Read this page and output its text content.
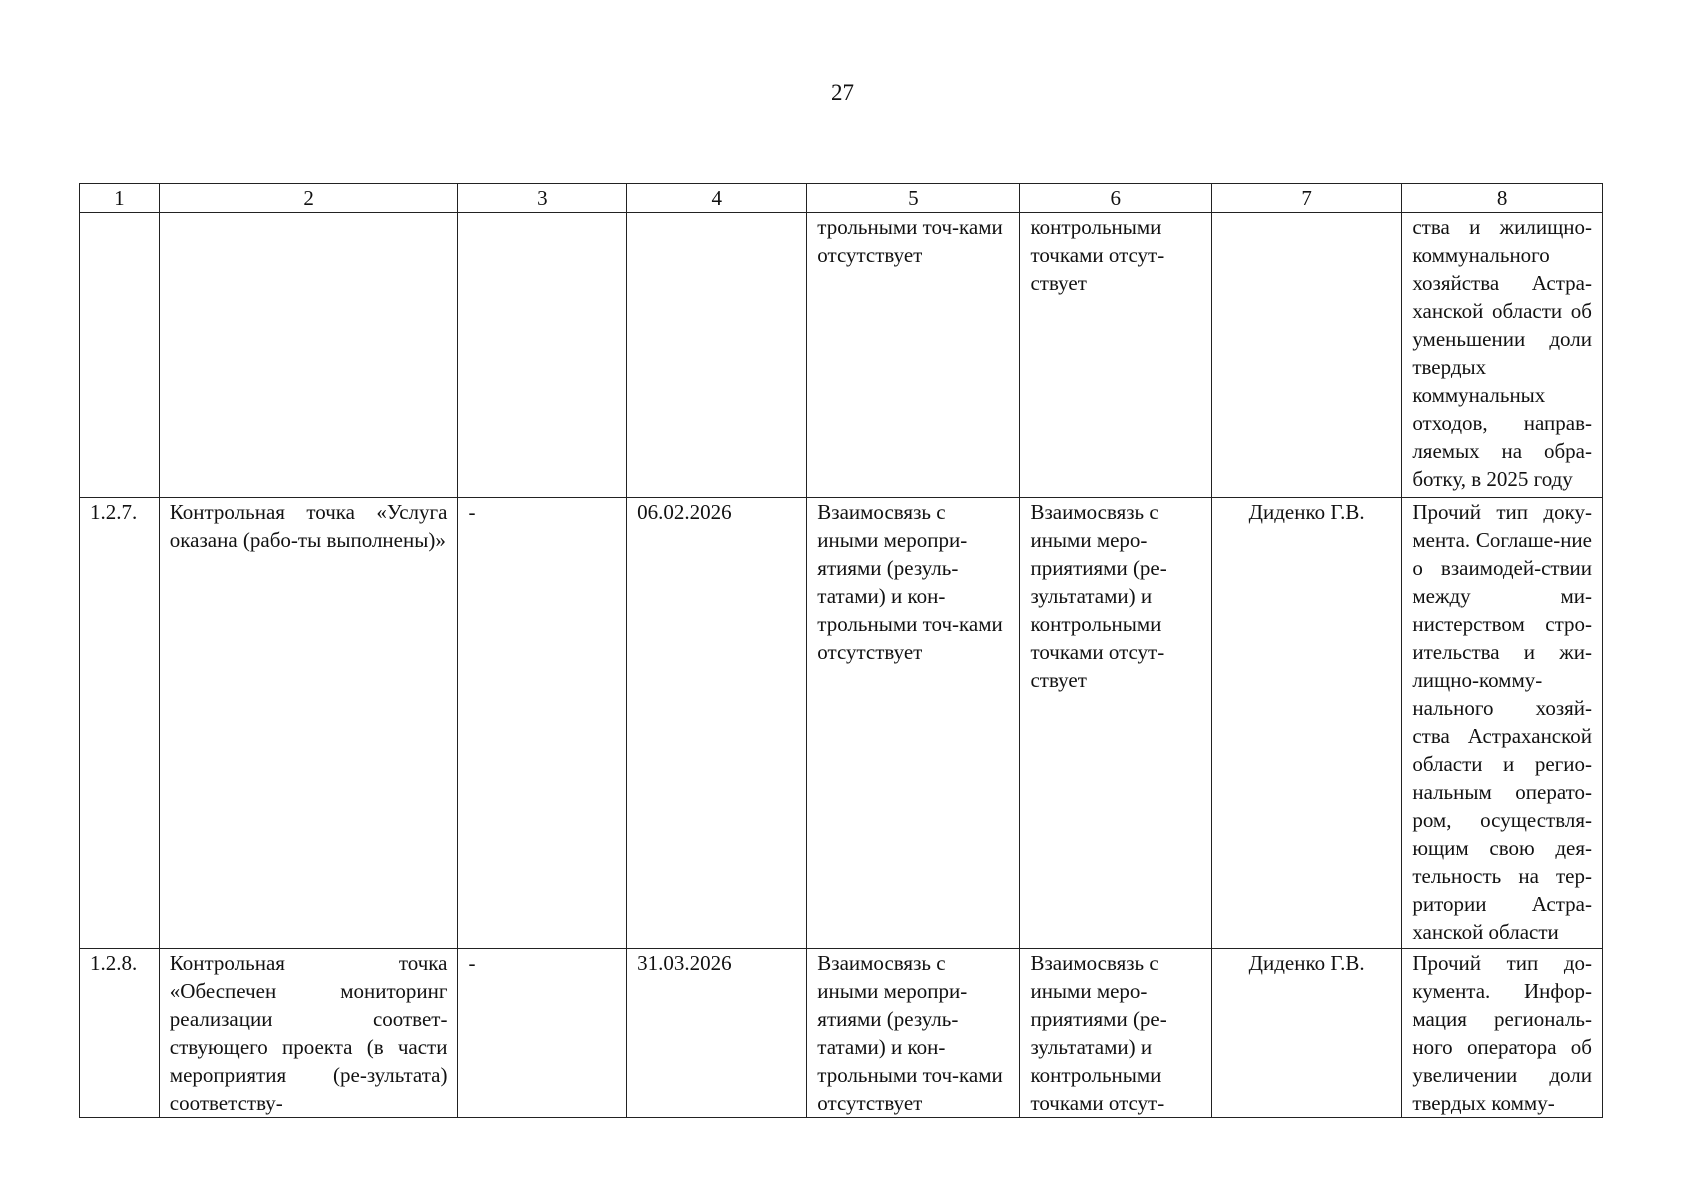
27
1	2	3	4	5	6	7	8
				трольными точ-ками отсутствует	контрольными точками отсут-ствует		ства и жилищно-коммунального хозяйства Астра-ханской области об уменьшении доли твердых коммунальных отходов, направ-ляемых на обра-ботку, в 2025 году
1.2.7.	Контрольная точка «Услуга оказана (рабо-ты выполнены)»	-	06.02.2026	Взаимосвязь с иными меропри-ятиями (резуль-татами) и кон-трольными точ-ками отсутствует	Взаимосвязь с иными меро-приятиями (ре-зультатами) и контрольными точками отсут-ствует	Диденко Г.В.	Прочий тип доку-мента. Соглаше-ние о взаимодей-ствии между ми-нистерством стро-ительства и жи-лищно-комму-нального хозяй-ства Астраханской области и регио-нальным операто-ром, осуществля-ющим свою дея-тельность на тер-ритории Астра-ханской области
1.2.8.	Контрольная точка «Обеспечен мониторинг реализации соответ-ствующего проекта (в части мероприятия (ре-зультата) соответству-	-	31.03.2026	Взаимосвязь с иными меропри-ятиями (резуль-татами) и кон-трольными точ-ками отсутствует	Взаимосвязь с иными меро-приятиями (ре-зультатами) и контрольными точками отсут-	Диденко Г.В.	Прочий тип до-кумента. Инфор-мация региональ-ного оператора об увеличении доли твердых комму-
